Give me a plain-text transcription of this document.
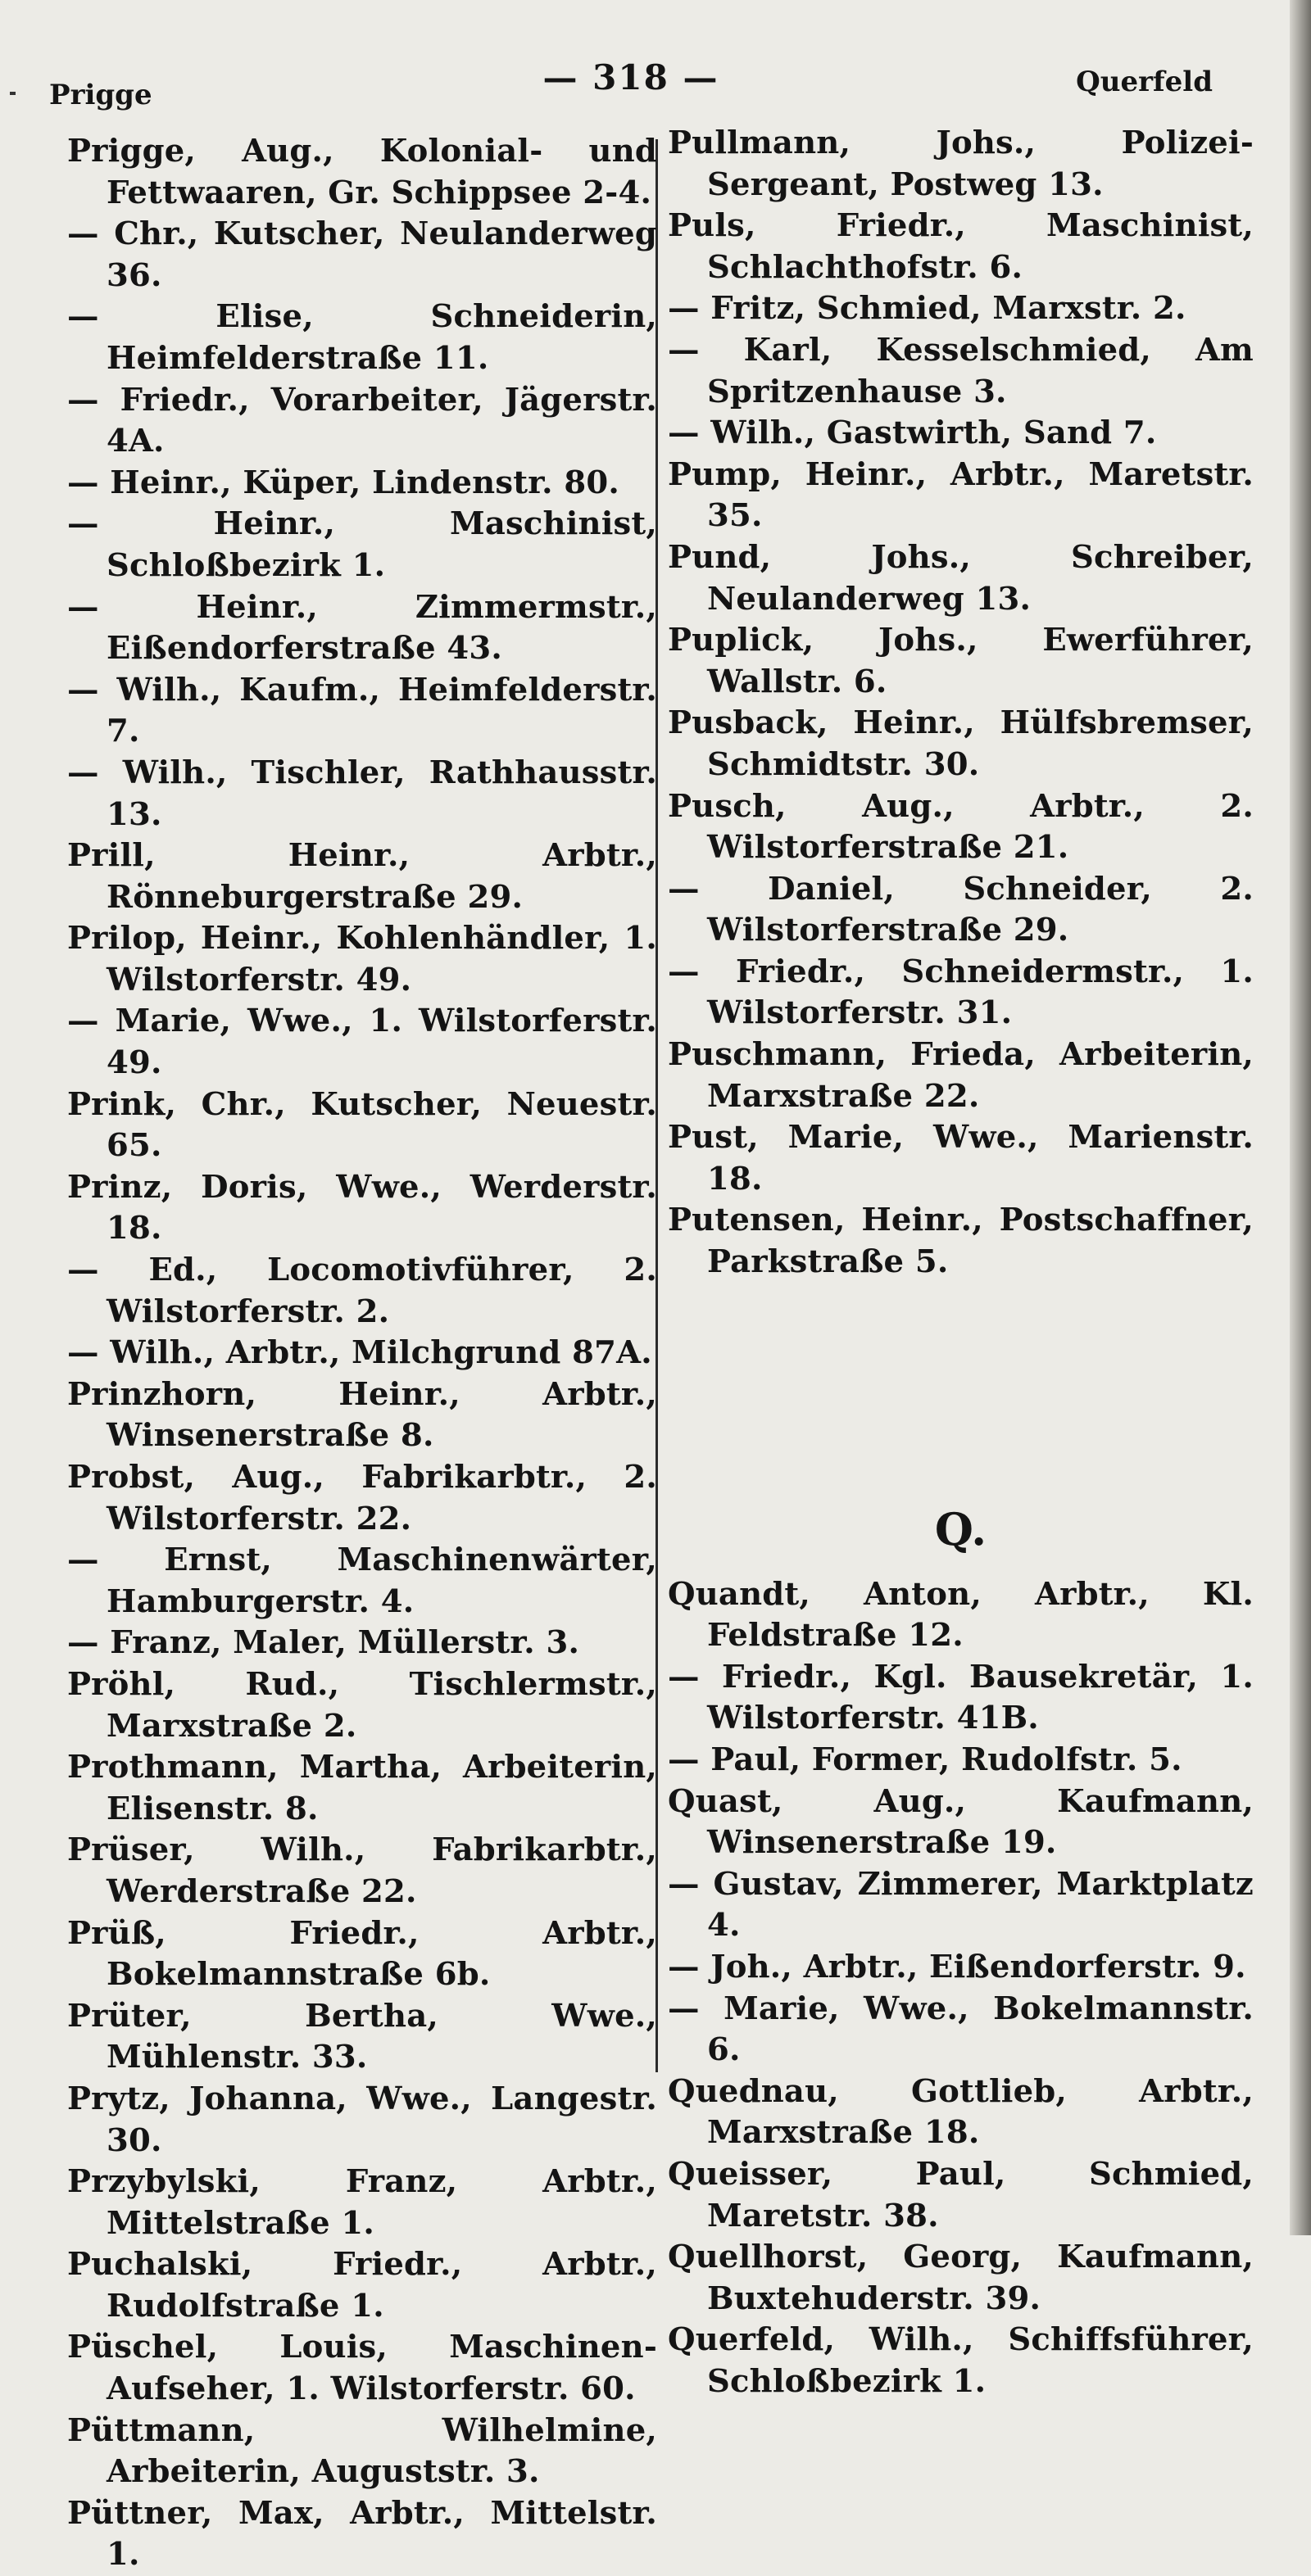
Prigge	— 318 —	Querfeld
Prigge, Aug., Kolonial- und Fettwaaren, Gr. Schippsee 2-4.
— Chr., Kutscher, Neulanderweg 36.
— Elise, Schneiderin, Heimfelderstraße 11.
— Friedr., Vorarbeiter, Jägerstr. 4A.
— Heinr., Küper, Lindenstr. 80.
— Heinr., Maschinist, Schloßbezirk 1.
— Heinr., Zimmermstr., Eißendorferstraße 43.
— Wilh., Kaufm., Heimfelderstr. 7.
— Wilh., Tischler, Rathhausstr. 13.
Prill, Heinr., Arbtr., Rönneburgerstraße 29.
Prilop, Heinr., Kohlenhändler, 1. Wilstorferstr. 49.
— Marie, Wwe., 1. Wilstorferstr. 49.
Prink, Chr., Kutscher, Neuestr. 65.
Prinz, Doris, Wwe., Werderstr. 18.
— Ed., Locomotivführer, 2. Wilstorferstr. 2.
— Wilh., Arbtr., Milchgrund 87A.
Prinzhorn, Heinr., Arbtr., Winsenerstraße 8.
Probst, Aug., Fabrikarbtr., 2. Wilstorferstr. 22.
— Ernst, Maschinenwärter, Hamburgerstr. 4.
— Franz, Maler, Müllerstr. 3.
Pröhl, Rud., Tischlermstr., Marxstraße 2.
Prothmann, Martha, Arbeiterin, Elisenstr. 8.
Prüser, Wilh., Fabrikarbtr., Werderstraße 22.
Prüß, Friedr., Arbtr., Bokelmannstraße 6b.
Prüter, Bertha, Wwe., Mühlenstr. 33.
Prytz, Johanna, Wwe., Langestr. 30.
Przybylski, Franz, Arbtr., Mittelstraße 1.
Puchalski, Friedr., Arbtr., Rudolfstraße 1.
Püschel, Louis, Maschinen-Aufseher, 1. Wilstorferstr. 60.
Püttmann, Wilhelmine, Arbeiterin, Auguststr. 3.
Püttner, Max, Arbtr., Mittelstr. 1.
Pullmann, Johs., Polizei-Sergeant, Postweg 13.
Puls, Friedr., Maschinist, Schlachthofstr. 6.
— Fritz, Schmied, Marxstr. 2.
— Karl, Kesselschmied, Am Spritzenhause 3.
— Wilh., Gastwirth, Sand 7.
Pump, Heinr., Arbtr., Maretstr. 35.
Pund, Johs., Schreiber, Neulanderweg 13.
Puplick, Johs., Ewerführer, Wallstr. 6.
Pusback, Heinr., Hülfsbremser, Schmidtstr. 30.
Pusch, Aug., Arbtr., 2. Wilstorferstraße 21.
— Daniel, Schneider, 2. Wilstorferstraße 29.
— Friedr., Schneidermstr., 1. Wilstorferstr. 31.
Puschmann, Frieda, Arbeiterin, Marxstraße 22.
Pust, Marie, Wwe., Marienstr. 18.
Putensen, Heinr., Postschaffner, Parkstraße 5.
Q.
Quandt, Anton, Arbtr., Kl. Feldstraße 12.
— Friedr., Kgl. Bausekretär, 1. Wilstorferstr. 41B.
— Paul, Former, Rudolfstr. 5.
Quast, Aug., Kaufmann, Winsenerstraße 19.
— Gustav, Zimmerer, Marktplatz 4.
— Joh., Arbtr., Eißendorferstr. 9.
— Marie, Wwe., Bokelmannstr. 6.
Quednau, Gottlieb, Arbtr., Marxstraße 18.
Queisser, Paul, Schmied, Maretstr. 38.
Quellhorst, Georg, Kaufmann, Buxtehuderstr. 39.
Querfeld, Wilh., Schiffsführer, Schloßbezirk 1.
